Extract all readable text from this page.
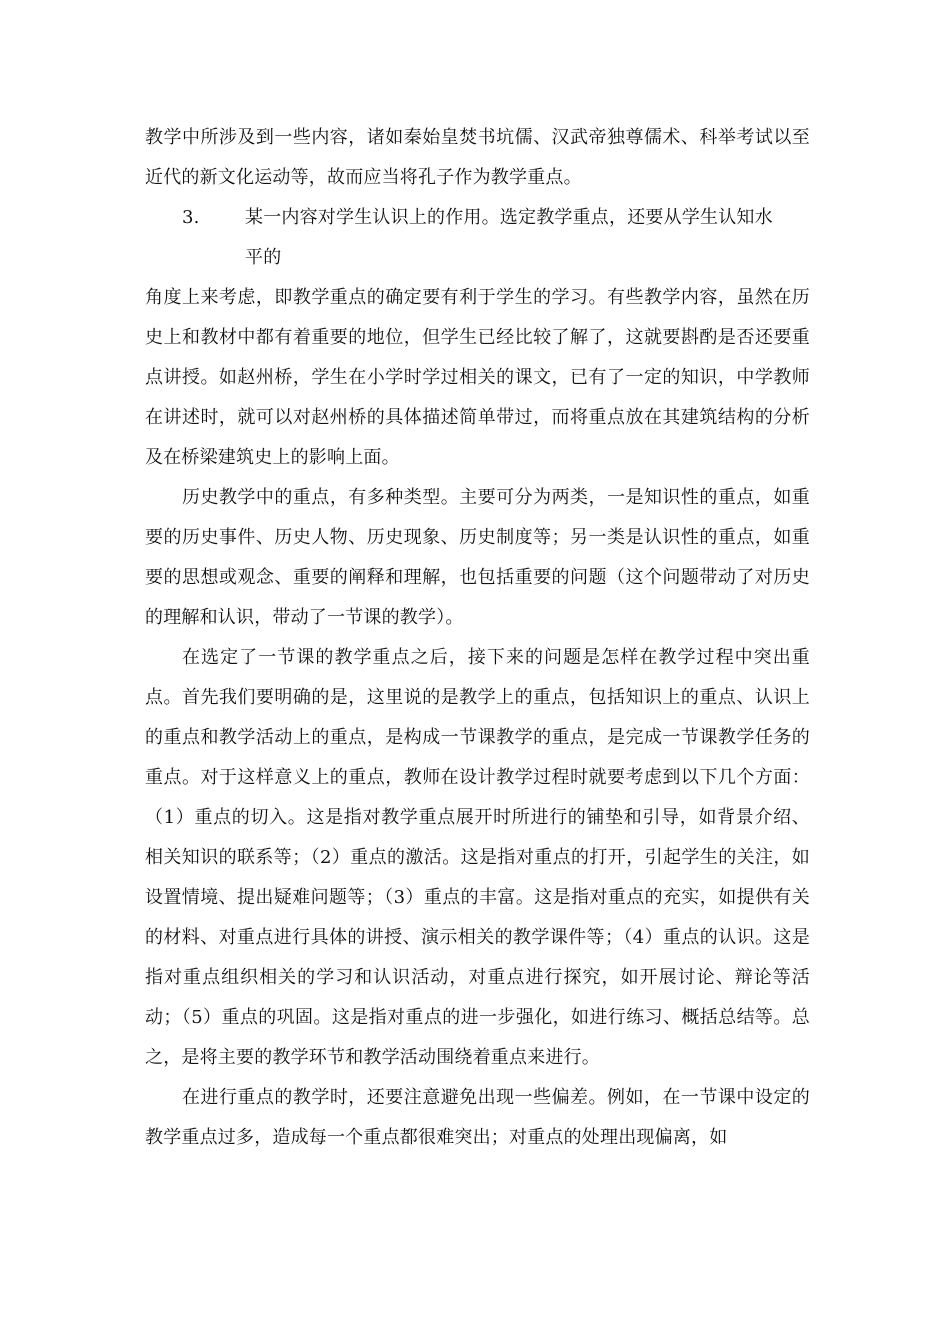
教学中所涉及到一些内容，诸如秦始皇焚书坑儒、汉武帝独尊儒术、科举考试以至近代的新文化运动等，故而应当将孔子作为教学重点。

3.	某一内容对学生认识上的作用。选定教学重点，还要从学生认知水

平的

角度上来考虑，即教学重点的确定要有利于学生的学习。有些教学内容，虽然在历史上和教材中都有着重要的地位，但学生已经比较了解了，这就要斟酌是否还要重点讲授。如赵州桥，学生在小学时学过相关的课文，已有了一定的知识，中学教师在讲述时，就可以对赵州桥的具体描述简单带过，而将重点放在其建筑结构的分析及在桥梁建筑史上的影响上面。

历史教学中的重点，有多种类型。主要可分为两类，一是知识性的重点，如重要的历史事件、历史人物、历史现象、历史制度等；另一类是认识性的重点，如重要的思想或观念、重要的阐释和理解，也包括重要的问题（这个问题带动了对历史的理解和认识，带动了一节课的教学）。

在选定了一节课的教学重点之后，接下来的问题是怎样在教学过程中突出重点。首先我们要明确的是，这里说的是教学上的重点，包括知识上的重点、认识上的重点和教学活动上的重点，是构成一节课教学的重点，是完成一节课教学任务的重点。对于这样意义上的重点，教师在设计教学过程时就要考虑到以下几个方面：（1）重点的切入。这是指对教学重点展开时所进行的铺垫和引导，如背景介绍、相关知识的联系等；（2）重点的激活。这是指对重点的打开，引起学生的关注，如设置情境、提出疑难问题等；（3）重点的丰富。这是指对重点的充实，如提供有关的材料、对重点进行具体的讲授、演示相关的教学课件等；（4）重点的认识。这是指对重点组织相关的学习和认识活动，对重点进行探究，如开展讨论、辩论等活动；（5）重点的巩固。这是指对重点的进一步强化，如进行练习、概括总结等。总之，是将主要的教学环节和教学活动围绕着重点来进行。

在进行重点的教学时，还要注意避免出现一些偏差。例如，在一节课中设定的教学重点过多，造成每一个重点都很难突出；对重点的处理出现偏离，如
